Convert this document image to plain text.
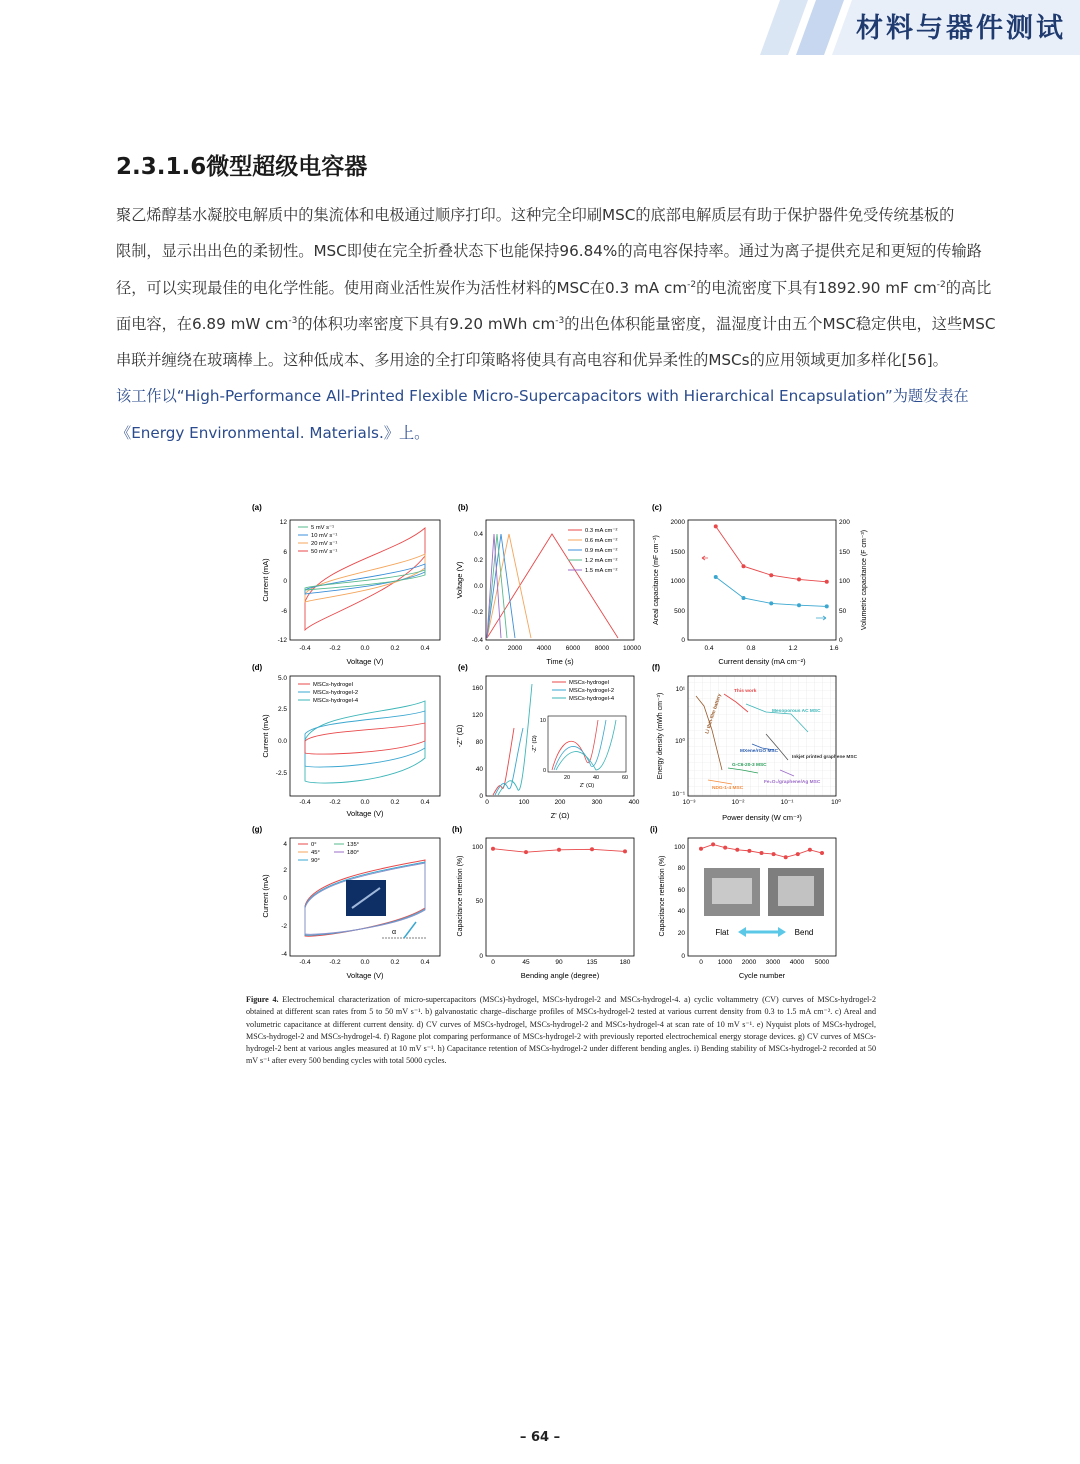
材料与器件测试
2.3.1.6微型超级电容器

聚乙烯醇基水凝胶电解质中的集流体和电极通过顺序打印。这种完全印刷MSC的底部电解质层有助于保护器件免受传统基板的

限制，显示出出色的柔韧性。MSC即使在完全折叠状态下也能保持96.84%的高电容保持率。通过为离子提供充足和更短的传输路

径，可以实现最佳的电化学性能。使用商业活性炭作为活性材料的MSC在0.3 mA $cm^{-2}$的电流密度下具有1892.90 mF $cm^{-2}$的高比

面电容，在6.89 mW $cm^{-3}$的体积功率密度下具有9.20 mWh $cm^{-3}$的出色体积能量密度，温湿度计由五个MSC稳定供电，这些MSC

串联并缠绕在玻璃棒上。这种低成本、多用途的全打印策略将使具有高电容和优异柔性的MSCs的应用领域更加多样化[56]。

该工作以“High-Performance All-Printed Flexible Micro-Supercapacitors with Hierarchical Encapsulation”为题发表在

《Energy Environmental. Materials.》上。

(a)
12
6
0
-6
-12
-0.4	-0.2	0.0	0.2	0.4
Voltage (V)
Current (mA)
5 mV s⁻¹
10 mV s⁻¹
20 mV s⁻¹
50 mV s⁻¹
(b)
0.4
0.2
0.0
-0.2
-0.4
0	2000 4000 6000 8000 10000
Time (s)
Voltage (V)
0.3 mA cm⁻²
0.6 mA cm⁻²
0.9 mA cm⁻²
1.2 mA cm⁻²
1.5 mA cm⁻²
(c)
2000
1500
1000
500
0
200
150
100
50
0
0.4	0.8	1.2	1.6
Current density (mA cm⁻²)
Areal capacitance (mF cm⁻²)	Volumetric capacitance (F cm⁻³)
(d)
5.0
2.5
0.0
-2.5
-0.4	-0.2	0.0	0.2	0.4
Voltage (V)
Current (mA)
MSCs-hydrogel
MSCs-hydrogel-2
MSCs-hydrogel-4
(e)
160
120
80
40
0
0	100	200	300	400
Z' (Ω)
-Z'' (Ω)
20	40	60
10
0
Z' (Ω)
-Z'' (Ω)
MSCs-hydrogel
MSCs-hydrogel-2
MSCs-hydrogel-4
(f)
10¹
10⁰
10⁻¹
10⁻³	10⁻²	10⁻¹	10⁰
Power density (W cm⁻³)
Energy density (mWh cm⁻³)
This work
Mesoporous AC MSC
MXene/rGO MSC
Inkjet printed graphene MSC
G-C6-20-3 MSC
Fe₂O₃/graphene/Ag MSC
NDG-1-4 MSC
Li thin-film battery
(g)
4
2
0
-2
-4
-0.4	-0.2	0.0	0.2	0.4
Voltage (V)
Current (mA)
α
0°
45°
90°
135°
180°
(h)
100
50
0
0	45	90	135	180
Bending angle (degree)
Capacitance retention (%)
(i)
100
80
60
40
20
0
0 1000 2000 3000 4000 5000
Cycle number
Capacitance retention (%)	Flat	Bend
Figure 4. Electrochemical characterization of micro-supercapacitors (MSCs)-hydrogel, MSCs-hydrogel-2 and MSCs-hydrogel-4. a) cyclic voltammetry (CV) curves of MSCs-hydrogel-2 obtained at different scan rates from 5 to 50 mV s⁻¹. b) galvanostatic charge–discharge profiles of MSCs-hydrogel-2 tested at various current density from 0.3 to 1.5 mA cm⁻². c) Areal and volumetric capacitance at different current density. d) CV curves of MSCs-hydrogel, MSCs-hydrogel-2 and MSCs-hydrogel-4 at scan rate of 10 mV s⁻¹. e) Nyquist plots of MSCs-hydrogel, MSCs-hydrogel-2 and MSCs-hydrogel-4. f) Ragone plot comparing performance of MSCs-hydrogel-2 with previously reported electrochemical energy storage devices. g) CV curves of MSCs-hydrogel-2 bent at various angles measured at 10 mV s⁻¹. h) Capacitance retention of MSCs-hydrogel-2 under different bending angles. i) Bending stability of MSCs-hydrogel-2 recorded at 50 mV s⁻¹ after every 500 bending cycles with total 5000 cycles.
– 64 –
